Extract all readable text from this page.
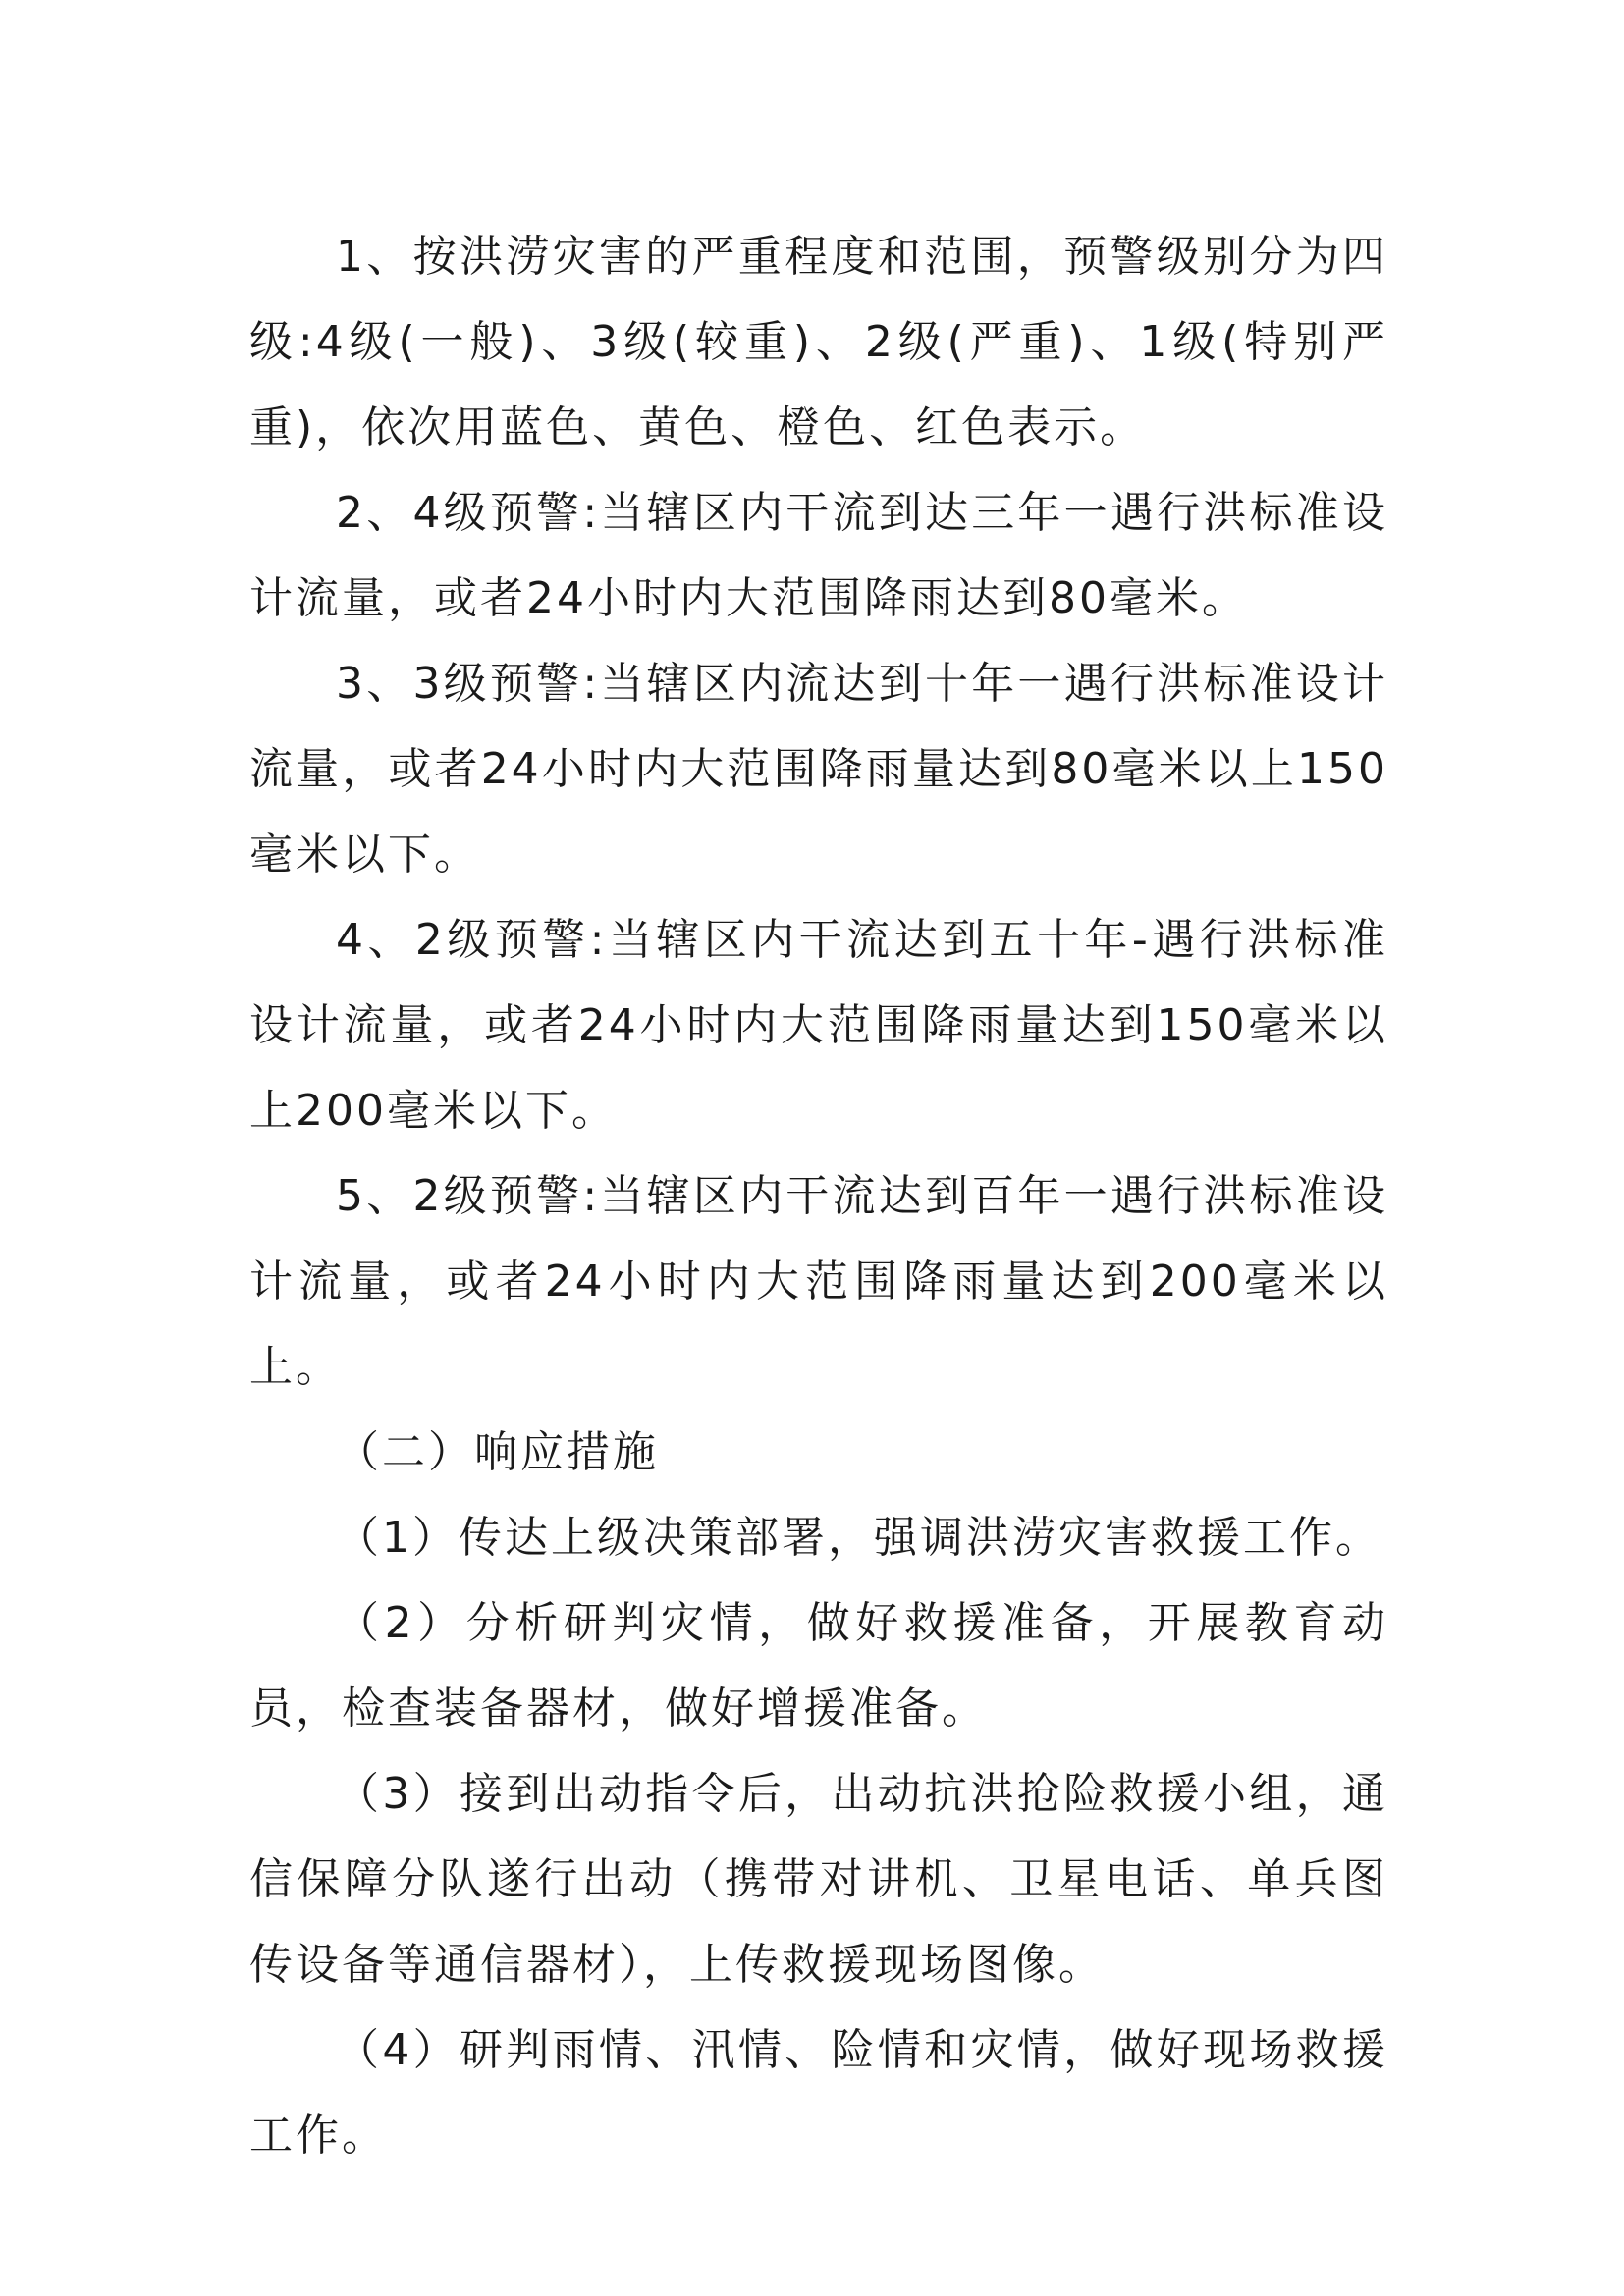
1、按洪涝灾害的严重程度和范围，预警级别分为四级:4级(一般)、3级(较重)、2级(严重)、1级(特别严重)，依次用蓝色、黄色、橙色、红色表示。

2、4级预警:当辖区内干流到达三年一遇行洪标准设计流量，或者24小时内大范围降雨达到80毫米。

3、3级预警:当辖区内流达到十年一遇行洪标准设计流量，或者24小时内大范围降雨量达到80毫米以上150毫米以下。

4、2级预警:当辖区内干流达到五十年-遇行洪标准设计流量，或者24小时内大范围降雨量达到150毫米以上200毫米以下。

5、2级预警:当辖区内干流达到百年一遇行洪标准设计流量，或者24小时内大范围降雨量达到200毫米以上。

（二）响应措施

（1）传达上级决策部署，强调洪涝灾害救援工作。

（2）分析研判灾情，做好救援准备，开展教育动员，检查装备器材，做好增援准备。

（3）接到出动指令后，出动抗洪抢险救援小组，通信保障分队遂行出动（携带对讲机、卫星电话、单兵图传设备等通信器材），上传救援现场图像。

（4）研判雨情、汛情、险情和灾情，做好现场救援工作。
